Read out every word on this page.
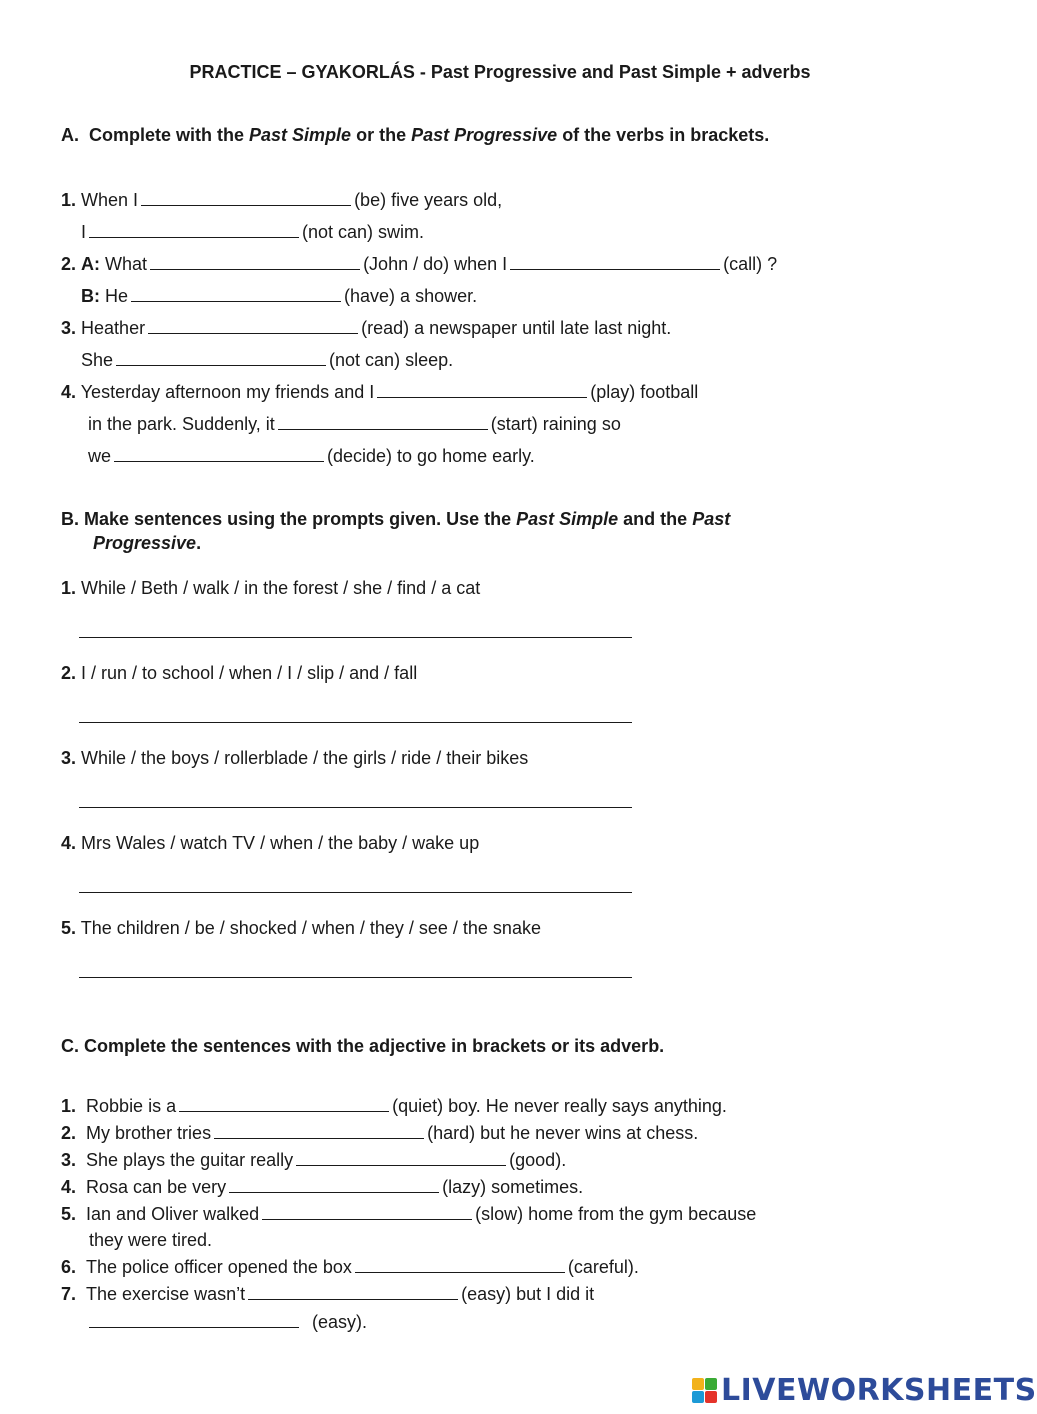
PRACTICE – GYAKORLÁS - Past Progressive and Past Simple + adverbs
A. Complete with the Past Simple or the Past Progressive of the verbs in brackets.
1. When I	(be) five years old,
I	(not can) swim.
2. A: What	(John / do) when I	(call) ?
B: He	(have) a shower.
3. Heather	(read) a newspaper until late last night.
She	(not can) sleep.
4. Yesterday afternoon my friends and I	(play) football
in the park. Suddenly, it	(start) raining so
we	(decide) to go home early.
B. Make sentences using the prompts given. Use the Past Simple and the Past
Progressive.
1. While / Beth / walk / in the forest / she / find / a cat
2. I / run / to school / when / I / slip / and / fall
3. While / the boys / rollerblade / the girls / ride / their bikes
4. Mrs Wales / watch TV / when / the baby / wake up
5. The children / be / shocked / when / they / see / the snake
C. Complete the sentences with the adjective in brackets or its adverb.
1. Robbie is a	(quiet) boy. He never really says anything.
2. My brother tries	(hard) but he never wins at chess.
3. She plays the guitar really	(good).
4. Rosa can be very	(lazy) sometimes.
5. Ian and Oliver walked	(slow) home from the gym because
they were tired.
6. The police officer opened the box	(careful).
7. The exercise wasn’t	(easy) but I did it
(easy).
LIVEWORKSHEETS
